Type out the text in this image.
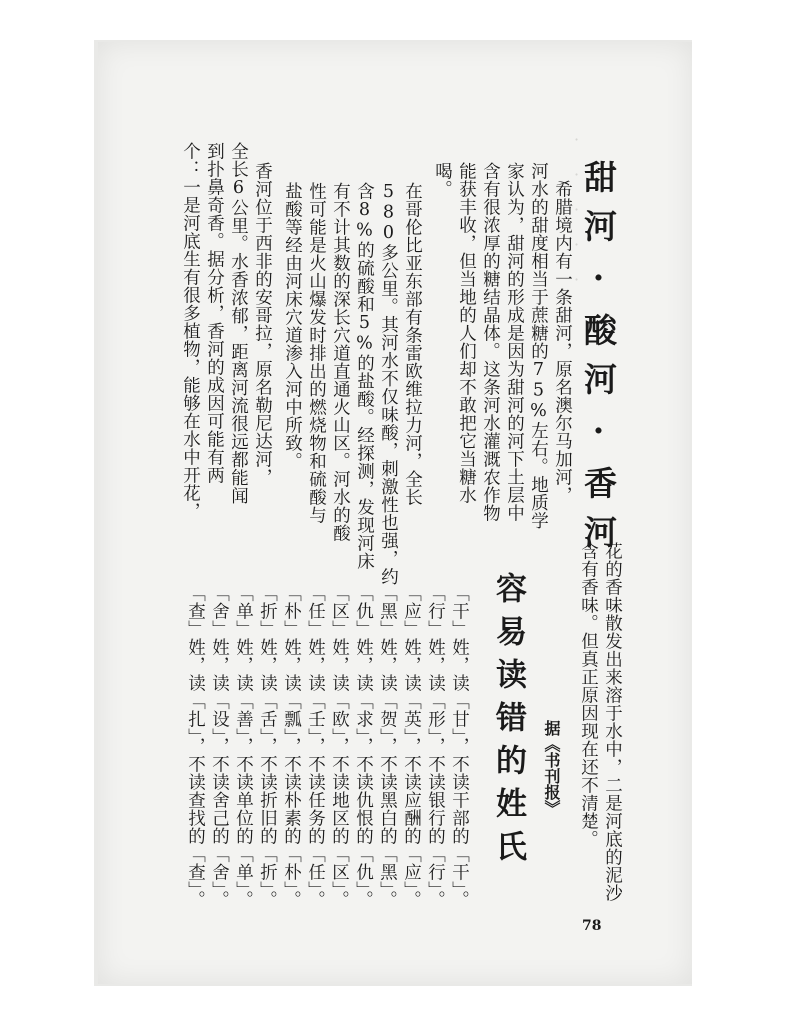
·　·　·　·　·
甜河·酸河·香河
希腊境内有一条甜河，原名澳尔马加河，
河水的甜度相当于蔗糖的75%左右。地质学
家认为，甜河的形成是因为甜河的河下土层中
含有很浓厚的糖结晶体。这条河水灌溉农作物
能获丰收，但当地的人们却不敢把它当糖水
喝。
在哥伦比亚东部有条雷欧维拉力河，全长
580多公里。其河水不仅味酸，刺激性也强，约
含8%的硫酸和5%的盐酸。经探测，发现河床
有不计其数的深长穴道直通火山区。河水的酸
性可能是火山爆发时排出的燃烧物和硫酸与
盐酸等经由河床穴道渗入河中所致。
香河位于西非的安哥拉，原名勒尼达河，
全长6公里。水香浓郁，距离河流很远都能闻
到扑鼻奇香。据分析，香河的成因可能有两
个：一是河底生有很多植物，能够在水中开花，
花的香味散发出来溶于水中，二是河底的泥沙
含有香味。但真正原因现在还不清楚。
据《书刊报》
容易读错的姓氏
「干」姓，读「甘」，不读干部的「干」。
「行」姓，读「形」，不读银行的「行」。
「应」姓，读「英」，不读应酬的「应」。
「黑」姓，读「贺」，不读黑白的「黑」。
「仇」姓，读「求」，不读仇恨的「仇」。
「区」姓，读「欧」，不读地区的「区」。
「任」姓，读「壬」，不读任务的「任」。
「朴」姓，读「瓢」，不读朴素的「朴」。
「折」姓，读「舌」，不读折旧的「折」。
「单」姓，读「善」，不读单位的「单」。
「舍」姓，读「设」，不读舍己的「舍」。
「查」姓，读「扎」，不读查找的「查」。
78
